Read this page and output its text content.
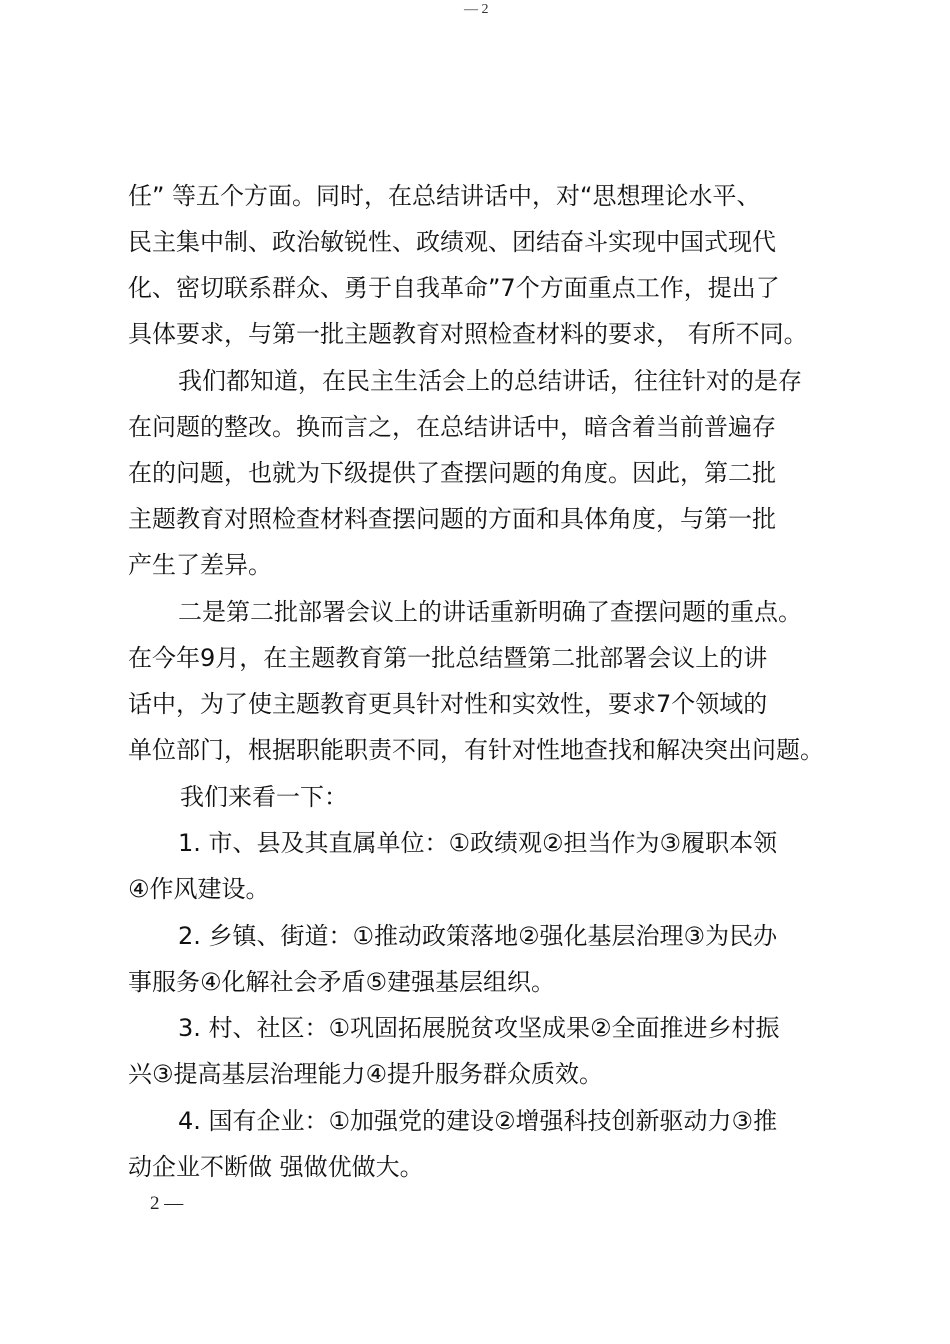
— 2
任” 等五个方面。同时，在总结讲话中，对“思想理论水平、
民主集中制、政治敏锐性、政绩观、团结奋斗实现中国式现代
化、密切联系群众、勇于自我革命”7个方面重点工作，提出了
具体要求，与第一批主题教育对照检查材料的要求， 有所不同。
我们都知道，在民主生活会上的总结讲话，往往针对的是存
在问题的整改。换而言之，在总结讲话中，暗含着当前普遍存
在的问题，也就为下级提供了查摆问题的角度。因此，第二批
主题教育对照检查材料查摆问题的方面和具体角度，与第一批
产生了差异。
二是第二批部署会议上的讲话重新明确了查摆问题的重点。
在今年9月，在主题教育第一批总结暨第二批部署会议上的讲
话中，为了使主题教育更具针对性和实效性，要求7个领域的
单位部门，根据职能职责不同，有针对性地查找和解决突出问题。
我们来看一下：
1. 市、县及其直属单位：①政绩观②担当作为③履职本领
④作风建设。
2. 乡镇、街道：①推动政策落地②强化基层治理③为民办
事服务④化解社会矛盾⑤建强基层组织。
3. 村、社区：①巩固拓展脱贫攻坚成果②全面推进乡村振
兴③提高基层治理能力④提升服务群众质效。
4. 国有企业：①加强党的建设②增强科技创新驱动力③推
动企业不断做 强做优做大。
2 —
